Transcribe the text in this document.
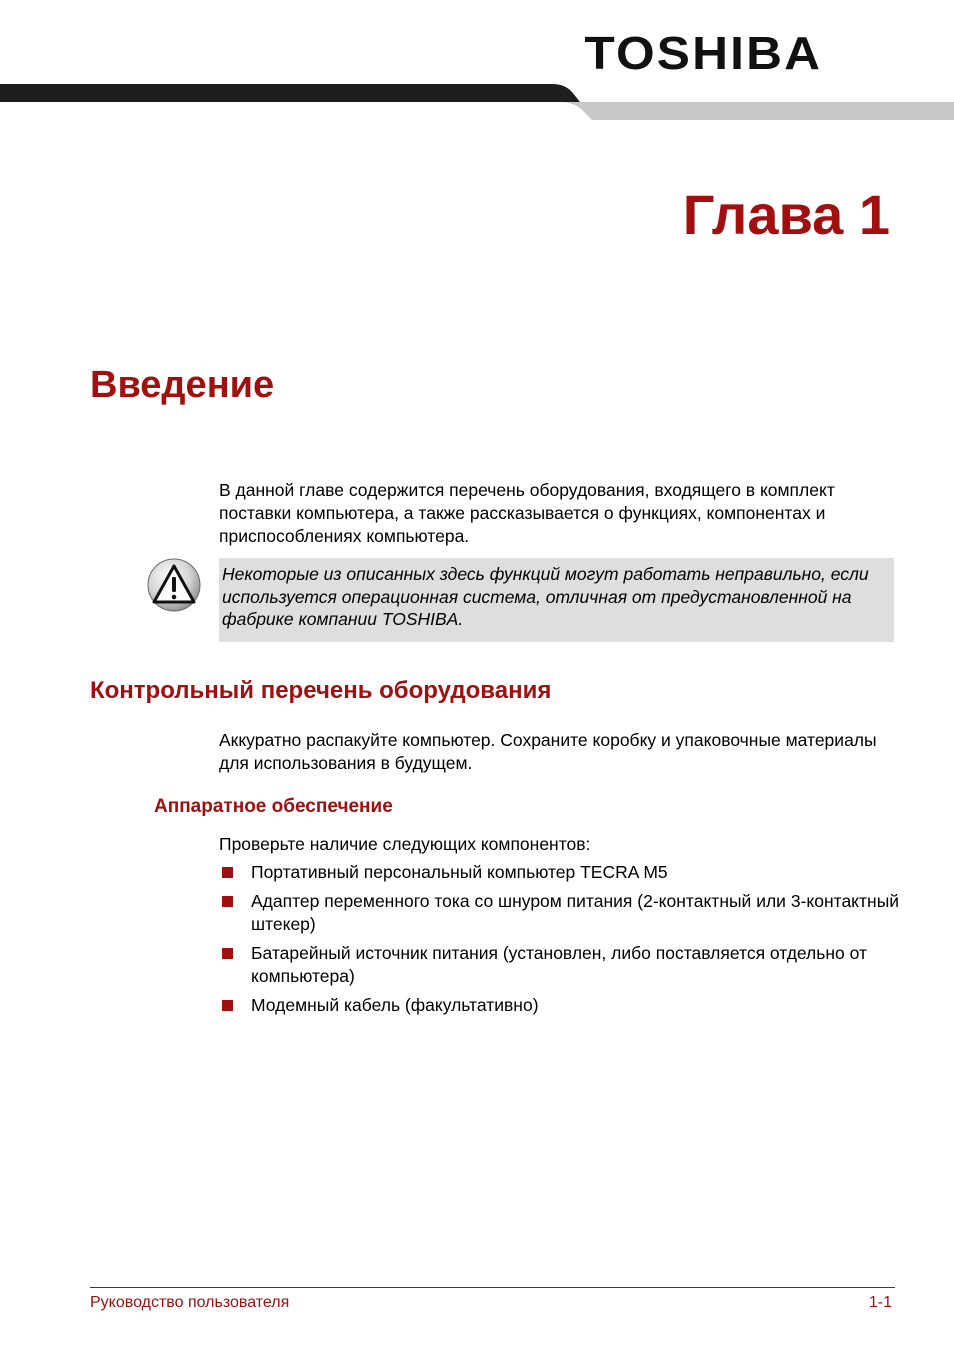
TOSHIBA
Глава 1
Введение
В данной главе содержится перечень оборудования, входящего в комплект поставки компьютера, а также рассказывается о функциях, компонентах и приспособлениях компьютера.
Некоторые из описанных здесь функций могут работать неправильно, если используется операционная система, отличная от предустановленной на фабрике компании TOSHIBA.
Контрольный перечень оборудования
Аккуратно распакуйте компьютер. Сохраните коробку и упаковочные материалы для использования в будущем.
Аппаратное обеспечение
Проверьте наличие следующих компонентов:
Портативный персональный компьютер TECRA M5
Адаптер переменного тока со шнуром питания (2-контактный или 3-контактный штекер)
Батарейный источник питания (установлен, либо поставляется отдельно от компьютера)
Модемный кабель (факультативно)
Руководство пользователя	1-1
